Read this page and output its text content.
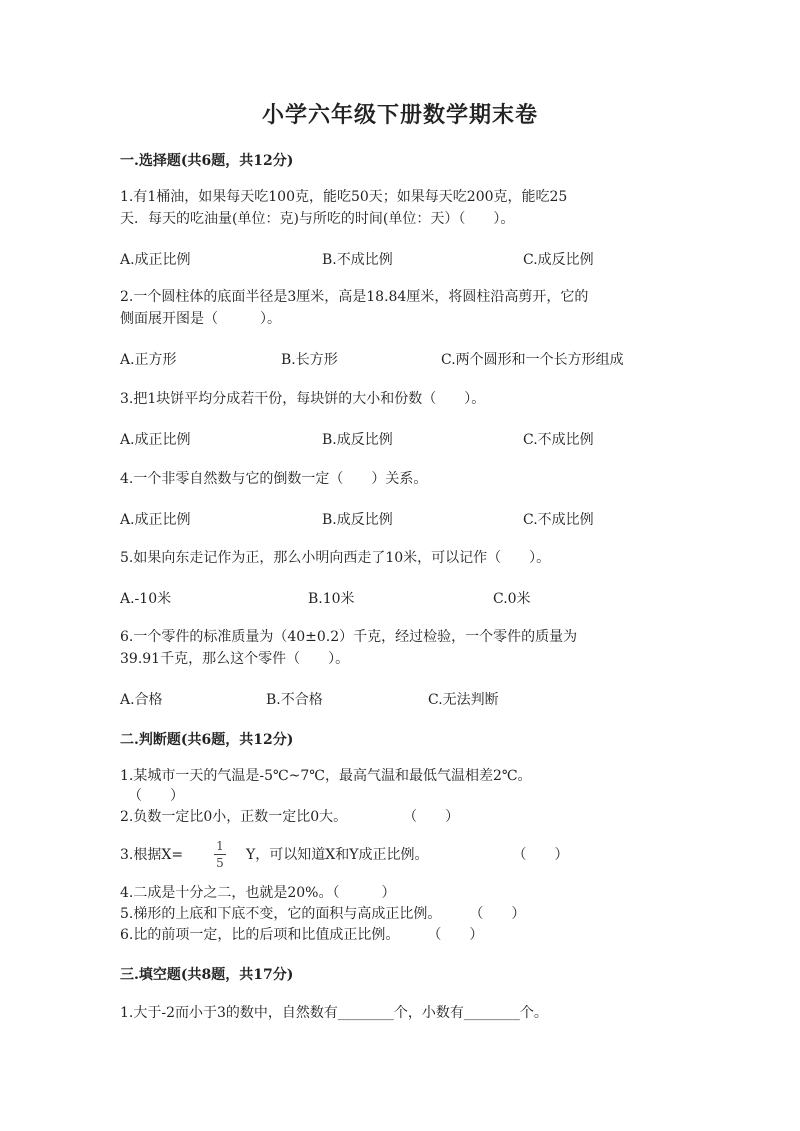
小学六年级下册数学期末卷
一.选择题(共6题，共12分)
1.有1桶油，如果每天吃100克，能吃50天；如果每天吃200克，能吃25
天．每天的吃油量(单位：克)与所吃的时间(单位：天）（　　）。
A.成正比例	B.不成比例	C.成反比例
2.一个圆柱体的底面半径是3厘米，高是18.84厘米，将圆柱沿高剪开，它的
侧面展开图是（　　　）。
A.正方形	B.长方形	C.两个圆形和一个长方形组成
3.把1块饼平均分成若干份，每块饼的大小和份数（　　）。
A.成正比例	B.成反比例	C.不成比例
4.一个非零自然数与它的倒数一定（　　）关系。
A.成正比例	B.成反比例	C.不成比例
5.如果向东走记作为正，那么小明向西走了10米，可以记作（　　）。
A.-10米	B.10米	C.0米
6.一个零件的标准质量为（40±0.2）千克，经过检验，一个零件的质量为
39.91千克，那么这个零件（　　）。
A.合格	B.不合格	C.无法判断
二.判断题(共6题，共12分)
1.某城市一天的气温是-5℃~7℃，最高气温和最低气温相差2℃。
（　　）
2.负数一定比0小，正数一定比0大。　　　　　（　　）
3.根据X=
1
5 Y，可以知道X和Y成正比例。　　　　　　　（　　）
4.二成是十分之二，也就是20%。（　　　）
5.梯形的上底和下底不变，它的面积与高成正比例。　　　（　　）
6.比的前项一定，比的后项和比值成正比例。　　　（　　）
三.填空题(共8题，共17分)
1.大于-2而小于3的数中，自然数有________个，小数有________个。
